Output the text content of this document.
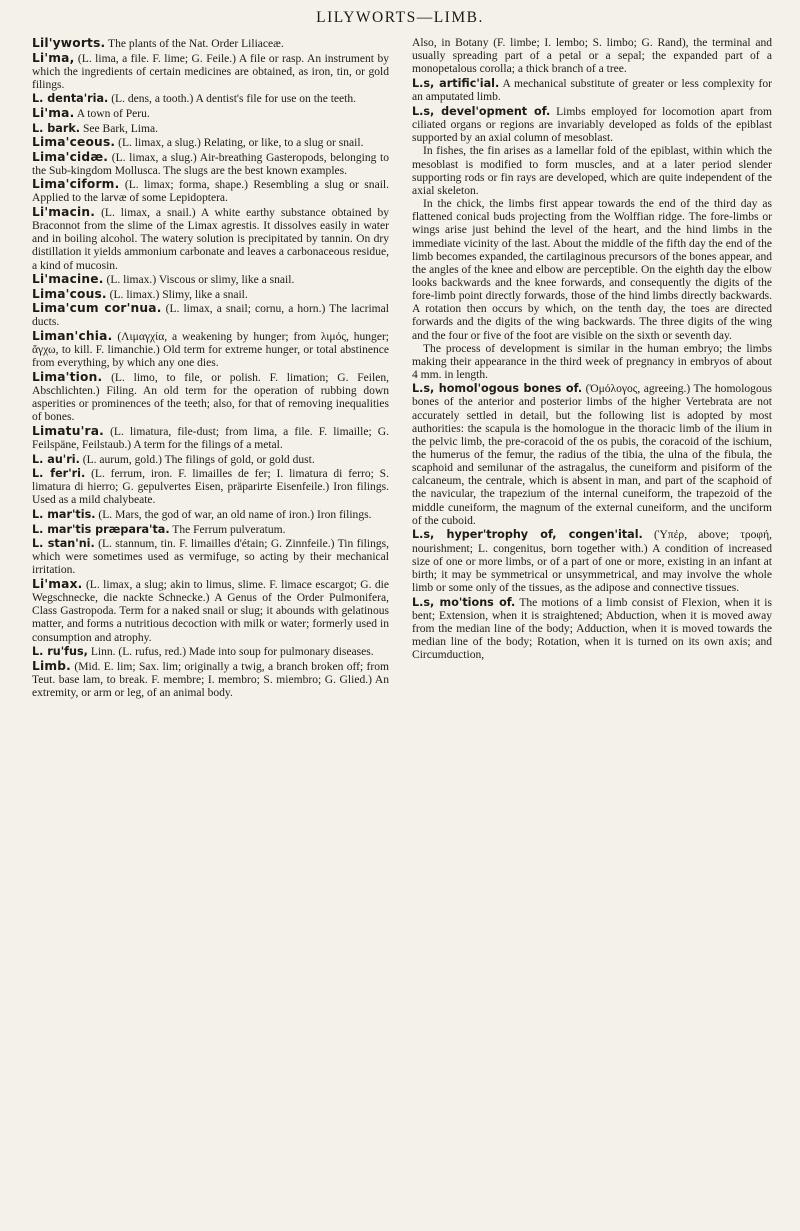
LILYWORTS—LIMB.

Lil'yworts. The plants of the Nat. Order Liliaceæ.

Li'ma, (L. lima, a file. F. lime; G. Feile.) A file or rasp. An instrument by which the ingredients of certain medicines are obtained, as iron, tin, or gold filings.

L. denta'ria. (L. dens, a tooth.) A dentist's file for use on the teeth.

Li'ma. A town of Peru.

L. bark. See Bark, Lima.

Lima'ceous. (L. limax, a slug.) Relating, or like, to a slug or snail.

Lima'cidæ. (L. limax, a slug.) Air-breathing Gasteropods, belonging to the Sub-kingdom Mollusca. The slugs are the best known examples.

Lima'ciform. (L. limax; forma, shape.) Resembling a slug or snail. Applied to the larvæ of some Lepidoptera.

Li'macin. (L. limax, a snail.) A white earthy substance obtained by Braconnot from the slime of the Limax agrestis. It dissolves easily in water and in boiling alcohol. The watery solution is precipitated by tannin. On dry distillation it yields ammonium carbonate and leaves a carbonaceous residue, a kind of mucosin.

Li'macine. (L. limax.) Viscous or slimy, like a snail.

Lima'cous. (L. limax.) Slimy, like a snail.

Lima'cum cor'nua. (L. limax, a snail; cornu, a horn.) The lacrimal ducts.

Liman'chia. (Λιμαγχία, a weakening by hunger; from λιμός, hunger; ἄγχω, to kill. F. limanchie.) Old term for extreme hunger, or total abstinence from everything, by which any one dies.

Lima'tion. (L. limo, to file, or polish. F. limation; G. Feilen, Abschlichten.) Filing. An old term for the operation of rubbing down asperities or prominences of the teeth; also, for that of removing inequalities of bones.

Limatu'ra. (L. limatura, file-dust; from lima, a file. F. limaille; G. Feilspäne, Feilstaub.) A term for the filings of a metal.

L. au'ri. (L. aurum, gold.) The filings of gold, or gold dust.

L. fer'ri. (L. ferrum, iron. F. limailles de fer; I. limatura di ferro; S. limatura di hierro; G. gepulvertes Eisen, präparirte Eisenfeile.) Iron filings. Used as a mild chalybeate.

L. mar'tis. (L. Mars, the god of war, an old name of iron.) Iron filings.

L. mar'tis præpara'ta. The Ferrum pulveratum.

L. stan'ni. (L. stannum, tin. F. limailles d'étain; G. Zinnfeile.) Tin filings, which were sometimes used as vermifuge, so acting by their mechanical irritation.

Li'max. (L. limax, a slug; akin to limus, slime. F. limace escargot; G. die Wegschnecke, die nackte Schnecke.) A Genus of the Order Pulmonifera, Class Gastropoda. Term for a naked snail or slug; it abounds with gelatinous matter, and forms a nutritious decoction with milk or water; formerly used in consumption and atrophy.

L. ru'fus, Linn. (L. rufus, red.) Made into soup for pulmonary diseases.

Limb. (Mid. E. lim; Sax. lim; originally a twig, a branch broken off; from Teut. base lam, to break. F. membre; I. membro; S. miembro; G. Glied.) An extremity, or arm or leg, of an animal body.

Also, in Botany (F. limbe; I. lembo; S. limbo; G. Rand), the terminal and usually spreading part of a petal or a sepal; the expanded part of a monopetalous corolla; a thick branch of a tree.

L.s, artific'ial. A mechanical substitute of greater or less complexity for an amputated limb.

L.s, devel'opment of. Limbs employed for locomotion apart from ciliated organs or regions are invariably developed as folds of the epiblast supported by an axial column of mesoblast.

In fishes, the fin arises as a lamellar fold of the epiblast, within which the mesoblast is modified to form muscles, and at a later period slender supporting rods or fin rays are developed, which are quite independent of the axial skeleton.

In the chick, the limbs first appear towards the end of the third day as flattened conical buds projecting from the Wolffian ridge. The fore-limbs or wings arise just behind the level of the heart, and the hind limbs in the immediate vicinity of the last. About the middle of the fifth day the end of the limb becomes expanded, the cartilaginous precursors of the bones appear, and the angles of the knee and elbow are perceptible. On the eighth day the elbow looks backwards and the knee forwards, and consequently the digits of the fore-limb point directly forwards, those of the hind limbs directly backwards. A rotation then occurs by which, on the tenth day, the toes are directed forwards and the digits of the wing backwards. The three digits of the wing and the four or five of the foot are visible on the sixth or seventh day.

The process of development is similar in the human embryo; the limbs making their appearance in the third week of pregnancy in embryos of about 4 mm. in length.

L.s, homol'ogous bones of. (Ὁμόλογος, agreeing.) The homologous bones of the anterior and posterior limbs of the higher Vertebrata are not accurately settled in detail, but the following list is adopted by most authorities: the scapula is the homologue in the thoracic limb of the ilium in the pelvic limb, the pre-coracoid of the os pubis, the coracoid of the ischium, the humerus of the femur, the radius of the tibia, the ulna of the fibula, the scaphoid and semilunar of the astragalus, the cuneiform and pisiform of the calcaneum, the centrale, which is absent in man, and part of the scaphoid of the navicular, the trapezium of the internal cuneiform, the trapezoid of the middle cuneiform, the magnum of the external cuneiform, and the unciform of the cuboid.

L.s, hyper'trophy of, congen'ital. (Ὑπέρ, above; τροφή, nourishment; L. congenitus, born together with.) A condition of increased size of one or more limbs, or of a part of one or more, existing in an infant at birth; it may be symmetrical or unsymmetrical, and may involve the whole limb or some only of the tissues, as the adipose and connective tissues.

L.s, mo'tions of. The motions of a limb consist of Flexion, when it is bent; Extension, when it is straightened; Abduction, when it is moved away from the median line of the body; Adduction, when it is moved towards the median line of the body; Rotation, when it is turned on its own axis; and Circumduction,
